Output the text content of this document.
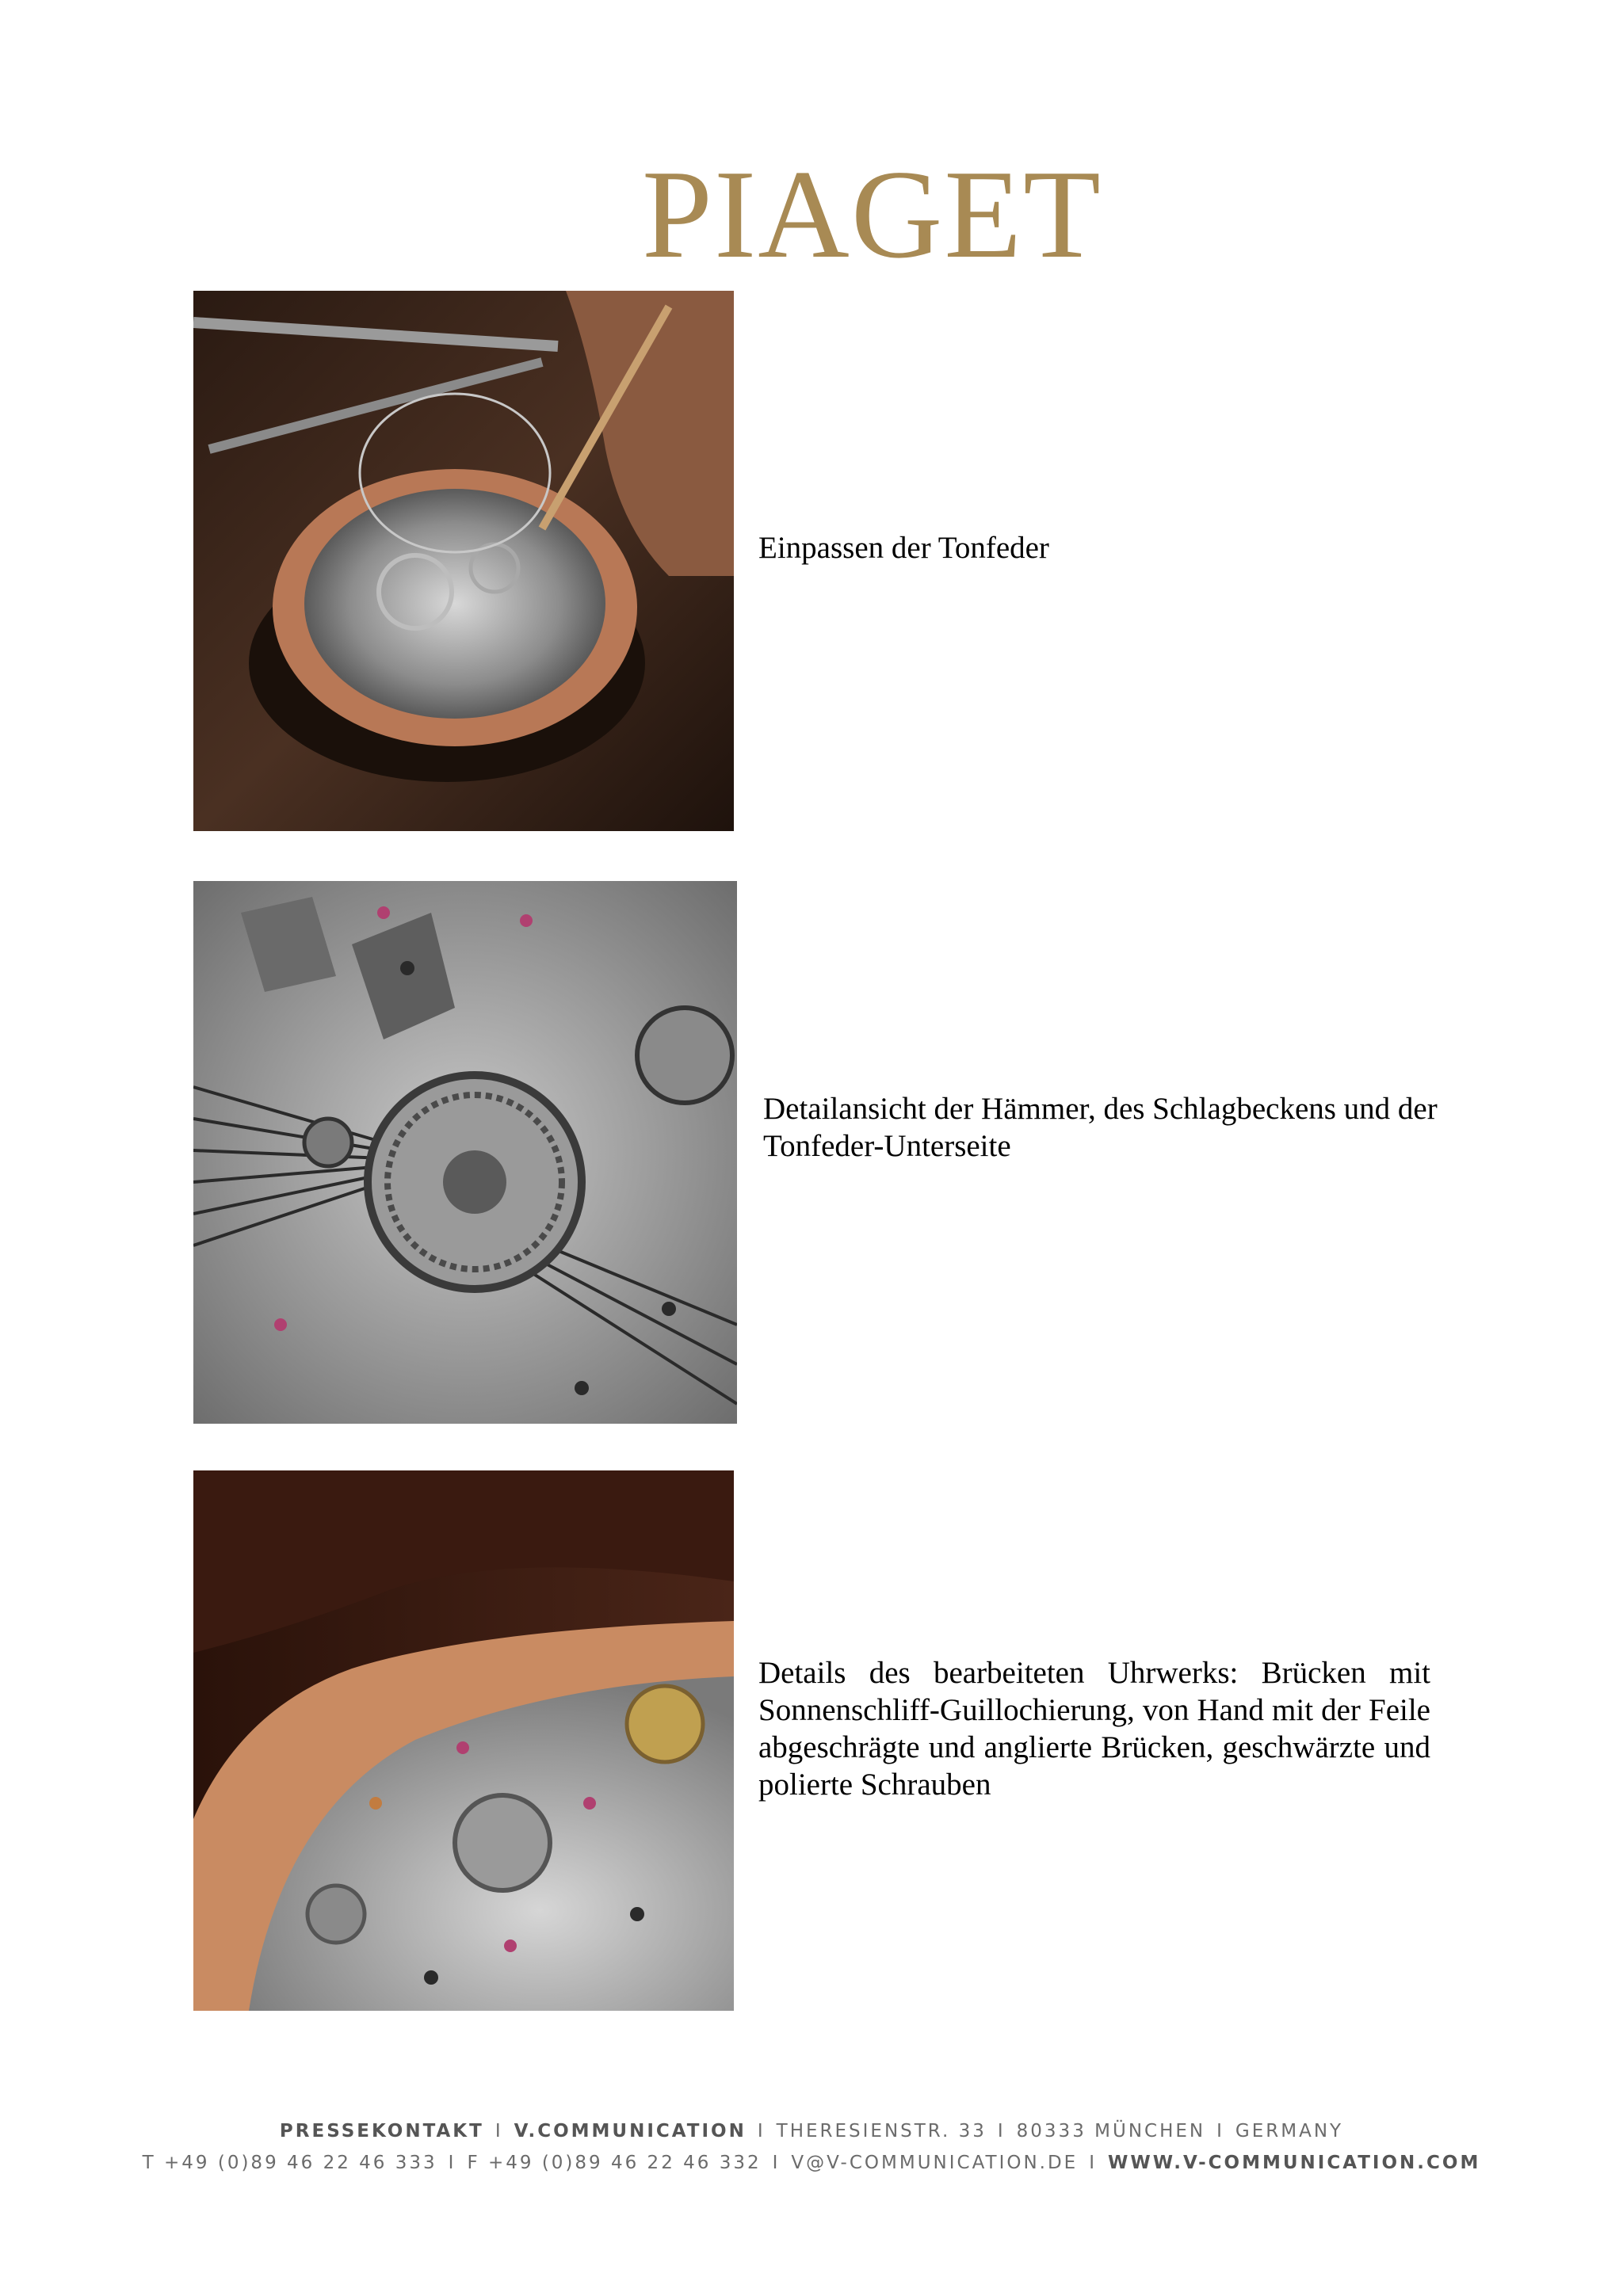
PIAGET
Einpassen der Tonfeder
Detailansicht der Hämmer, des Schlagbeckens und der Tonfeder-Unterseite
Details des bearbeiteten Uhrwerks: Brücken mit Sonnenschliff-Guillochierung, von Hand mit der Feile abgeschrägte und anglierte Brücken, geschwärzte und polierte Schrauben
PRESSEKONTAKT I V.COMMUNICATION I THERESIENSTR. 33 I 80333 MÜNCHEN I GERMANY
T +49 (0)89 46 22 46 333 I F +49 (0)89 46 22 46 332 I V@V-COMMUNICATION.DE I WWW.V-COMMUNICATION.COM
